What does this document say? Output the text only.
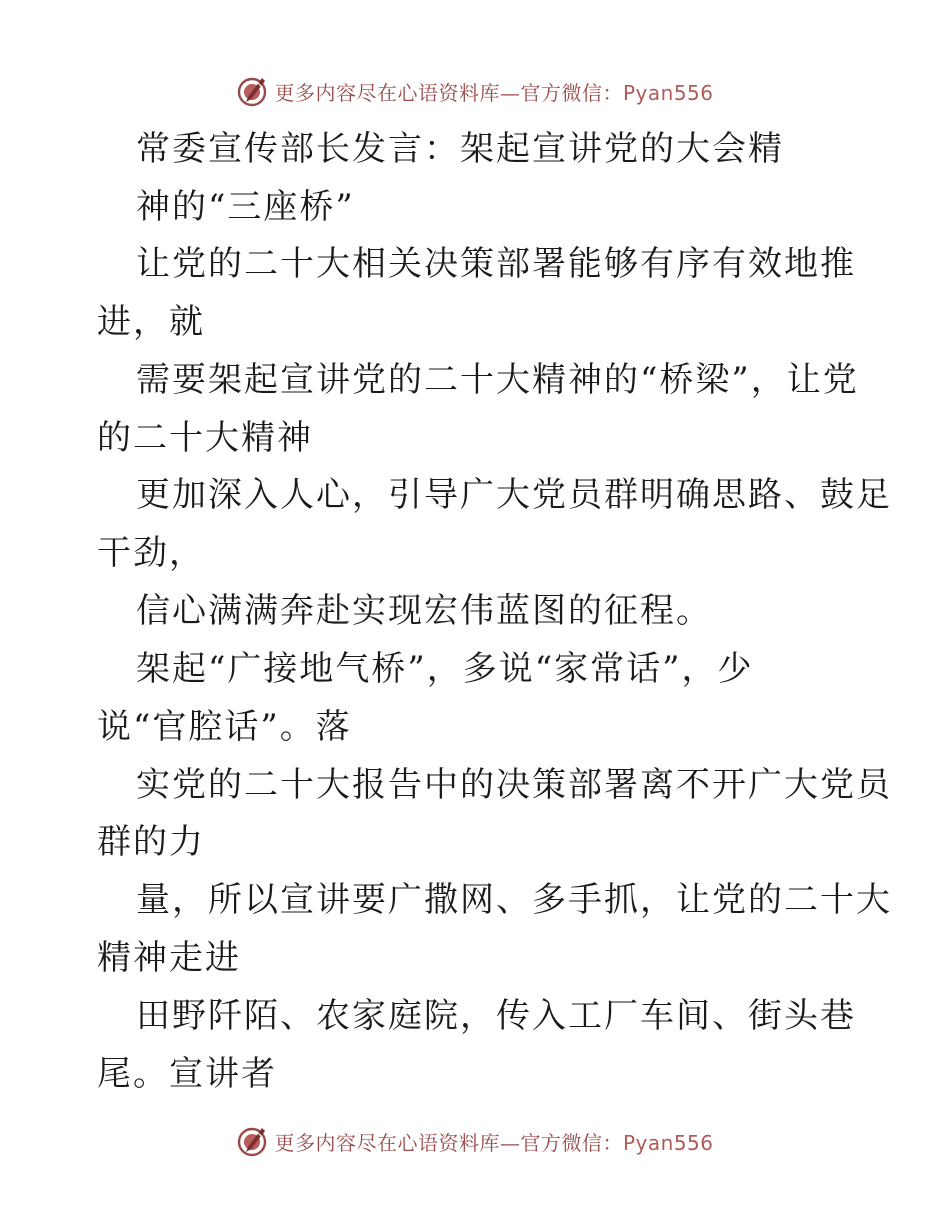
更多内容尽在心语资料库—官方微信：Pyan556
常委宣传部长发言：架起宣讲党的大会精
神的“三座桥”
让党的二十大相关决策部署能够有序有效地推
进，就
需要架起宣讲党的二十大精神的“桥梁”，让党
的二十大精神
更加深入人心，引导广大党员群明确思路、鼓足
干劲，
信心满满奔赴实现宏伟蓝图的征程。
架起“广接地气桥”，多说“家常话”，少
说“官腔话”。落
实党的二十大报告中的决策部署离不开广大党员
群的力
量，所以宣讲要广撒网、多手抓，让党的二十大
精神走进
田野阡陌、农家庭院，传入工厂车间、街头巷
尾。宣讲者
更多内容尽在心语资料库—官方微信：Pyan556
